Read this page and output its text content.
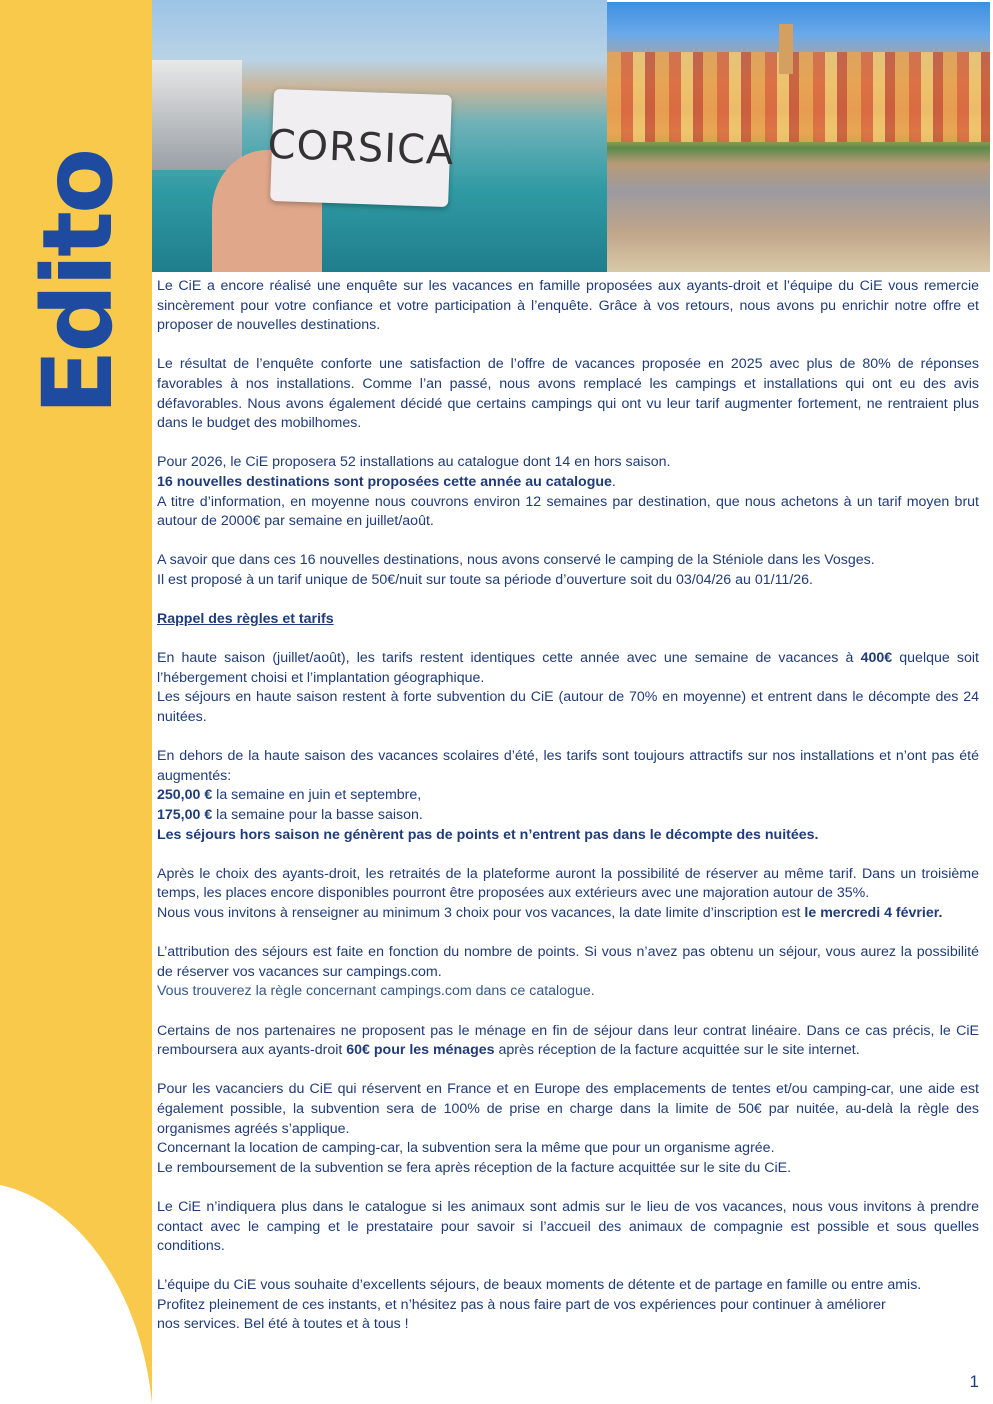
Edito
CORSICA
Le CiE a encore réalisé une enquête sur les vacances en famille proposées aux ayants-droit et l’équipe du CiE vous remercie sincèrement pour votre confiance et votre participation à l’enquête. Grâce à vos retours, nous avons pu enrichir notre offre et proposer de nouvelles destinations.
Le résultat de l’enquête conforte une satisfaction de l’offre de vacances proposée en 2025 avec plus de 80% de réponses favorables à nos installations. Comme l’an passé, nous avons remplacé les campings et installations qui ont eu des avis défavorables. Nous avons également décidé que certains campings qui ont vu leur tarif augmenter fortement, ne rentraient plus dans le budget des mobilhomes.
Pour 2026, le CiE proposera 52 installations au catalogue dont 14 en hors saison.
16 nouvelles destinations sont proposées cette année au catalogue.
A titre d’information, en moyenne nous couvrons environ 12 semaines par destination, que nous achetons à un tarif moyen brut autour de 2000€ par semaine en juillet/août.
A savoir que dans ces 16 nouvelles destinations, nous avons conservé le camping de la Sténiole dans les Vosges.
Il est proposé à un tarif unique de 50€/nuit sur toute sa période d’ouverture soit du 03/04/26 au 01/11/26.
Rappel des règles et tarifs
En haute saison (juillet/août), les tarifs restent identiques cette année avec une semaine de vacances à 400€ quelque soit l’hébergement choisi et l’implantation géographique.
Les séjours en haute saison restent à forte subvention du CiE (autour de 70% en moyenne) et entrent dans le décompte des 24 nuitées.
En dehors de la haute saison des vacances scolaires d’été, les tarifs sont toujours attractifs sur nos installations et n’ont pas été augmentés:
250,00 € la semaine en juin et septembre,
175,00 € la semaine pour la basse saison.
Les séjours hors saison ne génèrent pas de points et n’entrent pas dans le décompte des nuitées.
Après le choix des ayants-droit, les retraités de la plateforme auront la possibilité de réserver au même tarif. Dans un troisième temps, les places encore disponibles pourront être proposées aux extérieurs avec une majoration autour de 35%.
Nous vous invitons à renseigner au minimum 3 choix pour vos vacances, la date limite d’inscription est le mercredi 4 février.
L’attribution des séjours est faite en fonction du nombre de points. Si vous n’avez pas obtenu un séjour, vous aurez la possibilité de réserver vos vacances sur campings.com.
Vous trouverez la règle concernant campings.com dans ce catalogue.
Certains de nos partenaires ne proposent pas le ménage en fin de séjour dans leur contrat linéaire. Dans ce cas précis, le CiE remboursera aux ayants-droit 60€ pour les ménages après réception de la facture acquittée sur le site internet.
Pour les vacanciers du CiE qui réservent en France et en Europe des emplacements de tentes et/ou camping-car, une aide est également possible, la subvention sera de 100% de prise en charge dans la limite de 50€ par nuitée, au-delà la règle des organismes agréés s’applique.
Concernant la location de camping-car, la subvention sera la même que pour un organisme agrée.
Le remboursement de la subvention se fera après réception de la facture acquittée sur le site du CiE.
Le CiE n’indiquera plus dans le catalogue si les animaux sont admis sur le lieu de vos vacances, nous vous invitons à prendre contact avec le camping et le prestataire pour savoir si l’accueil des animaux de compagnie est possible et sous quelles conditions.
L’équipe du CiE vous souhaite d’excellents séjours, de beaux moments de détente et de partage en famille ou entre amis.
Profitez pleinement de ces instants, et n’hésitez pas à nous faire part de vos expériences pour continuer à améliorer
nos services. Bel été à toutes et à tous !
1
